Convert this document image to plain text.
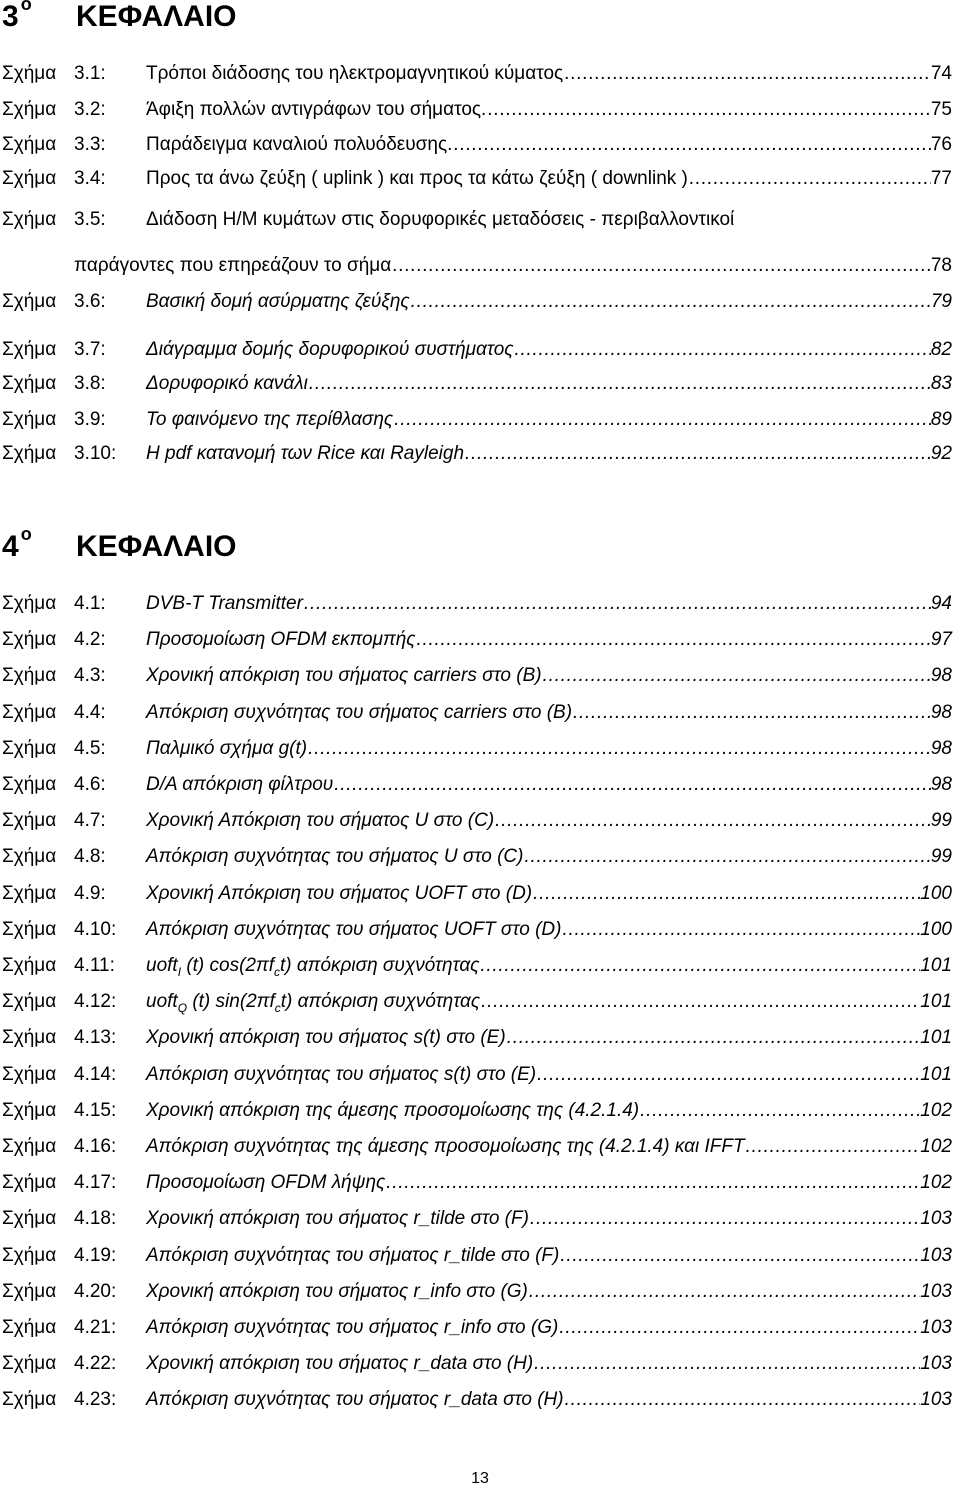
3 $^o$ ΚΕΦΑΛΑΙΟ
Σχήμα 3.1: Τρόποι διάδοσης του ηλεκτρομαγνητικού κύματος ……………………………………………………………………………………………………………………………………………………………………………………………………………	74
Σχήμα 3.2: Άφιξη πολλών αντιγράφων του σήματος. ……………………………………………………………………………………………………………………………………………………………………………………………………………	75
Σχήμα 3.3: Παράδειγμα καναλιού πολυόδευσης. ……………………………………………………………………………………………………………………………………………………………………………………………………………	76
Σχήμα 3.4: Προς τα άνω ζεύξη ( uplink ) και προς τα κάτω ζεύξη ( downlink ) ……………………………………………………………………………………………………………………………………………………………………………………………………………	77
Σχήμα 3.5: Διάδοση Η/Μ κυμάτων στις δορυφορικές μεταδόσεις - περιβαλλοντικοί
παράγοντες που επηρεάζουν το σήμα ……………………………………………………………………………………………………………………………………………………………………………………………………………	78
Σχήμα 3.6: Βασική δομή ασύρματης ζεύξης ……………………………………………………………………………………………………………………………………………………………………………………………………………	79
Σχήμα 3.7: Διάγραμμα δομής δορυφορικού συστήματος ……………………………………………………………………………………………………………………………………………………………………………………………………………	82
Σχήμα 3.8: Δορυφορικό κανάλι ……………………………………………………………………………………………………………………………………………………………………………………………………………	83
Σχήμα 3.9: Το φαινόμενο της περίθλασης ……………………………………………………………………………………………………………………………………………………………………………………………………………	89
Σχήμα 3.10: Η pdf κατανομή των Rice και Rayleigh ……………………………………………………………………………………………………………………………………………………………………………………………………………	92
4 $^o$ ΚΕΦΑΛΑΙΟ
Σχήμα 4.1: DVB-T Transmitter ……………………………………………………………………………………………………………………………………………………………………………………………………………	94
Σχήμα 4.2: Προσομοίωση OFDM εκπομπής ……………………………………………………………………………………………………………………………………………………………………………………………………………	97
Σχήμα 4.3: Χρονική απόκριση του σήματος carriers στο (Β) ……………………………………………………………………………………………………………………………………………………………………………………………………………	98
Σχήμα 4.4: Απόκριση συχνότητας του σήματος carriers στο (Β) ……………………………………………………………………………………………………………………………………………………………………………………………………………	98
Σχήμα 4.5: Παλμικό σχήμα g(t) ……………………………………………………………………………………………………………………………………………………………………………………………………………	98
Σχήμα 4.6: D/A απόκριση φίλτρου ……………………………………………………………………………………………………………………………………………………………………………………………………………	98
Σχήμα 4.7: Χρονική Απόκριση του σήματος U στο (C) ……………………………………………………………………………………………………………………………………………………………………………………………………………	99
Σχήμα 4.8: Απόκριση συχνότητας του σήματος U στο (C) ……………………………………………………………………………………………………………………………………………………………………………………………………………	99
Σχήμα 4.9: Χρονική Απόκριση του σήματος UOFT στο (D) ……………………………………………………………………………………………………………………………………………………………………………………………………………	100
Σχήμα 4.10: Απόκριση συχνότητας του σήματος UOFT στο (D) ……………………………………………………………………………………………………………………………………………………………………………………………………………	100
Σχήμα 4.11: uoft$_I$ (t) $\cos(2\pi f_ct)$ απόκριση συχνότητας ……………………………………………………………………………………………………………………………………………………………………………………………………………	101
Σχήμα 4.12: uoft$_Q$ (t) $\sin(2\pi f_ct)$ απόκριση συχνότητας ……………………………………………………………………………………………………………………………………………………………………………………………………………	101
Σχήμα 4.13: Χρονική απόκριση του σήματος s(t) στο (E) ……………………………………………………………………………………………………………………………………………………………………………………………………………	101
Σχήμα 4.14: Απόκριση συχνότητας του σήματος s(t) στο (E) ……………………………………………………………………………………………………………………………………………………………………………………………………………	101
Σχήμα 4.15: Χρονική απόκριση της άμεσης προσομοίωσης της (4.2.1.4) ……………………………………………………………………………………………………………………………………………………………………………………………………………	102
Σχήμα 4.16: Απόκριση συχνότητας της άμεσης προσομοίωσης της (4.2.1.4) και IFFT ……………………………………………………………………………………………………………………………………………………………………………………………………………	102
Σχήμα 4.17: Προσομοίωση OFDM λήψης ……………………………………………………………………………………………………………………………………………………………………………………………………………	102
Σχήμα 4.18: Χρονική απόκριση του σήματος r_tilde στο (F) ……………………………………………………………………………………………………………………………………………………………………………………………………………	103
Σχήμα 4.19: Απόκριση συχνότητας του σήματος r_tilde στο (F) ……………………………………………………………………………………………………………………………………………………………………………………………………………	103
Σχήμα 4.20: Χρονική απόκριση του σήματος r_info στο (G) ……………………………………………………………………………………………………………………………………………………………………………………………………………	103
Σχήμα 4.21: Απόκριση συχνότητας του σήματος r_info στο (G) ……………………………………………………………………………………………………………………………………………………………………………………………………………	103
Σχήμα 4.22: Χρονική απόκριση του σήματος r_data στο (H) ……………………………………………………………………………………………………………………………………………………………………………………………………………	103
Σχήμα 4.23: Απόκριση συχνότητας του σήματος r_data στο (H) ……………………………………………………………………………………………………………………………………………………………………………………………………………	103
13
